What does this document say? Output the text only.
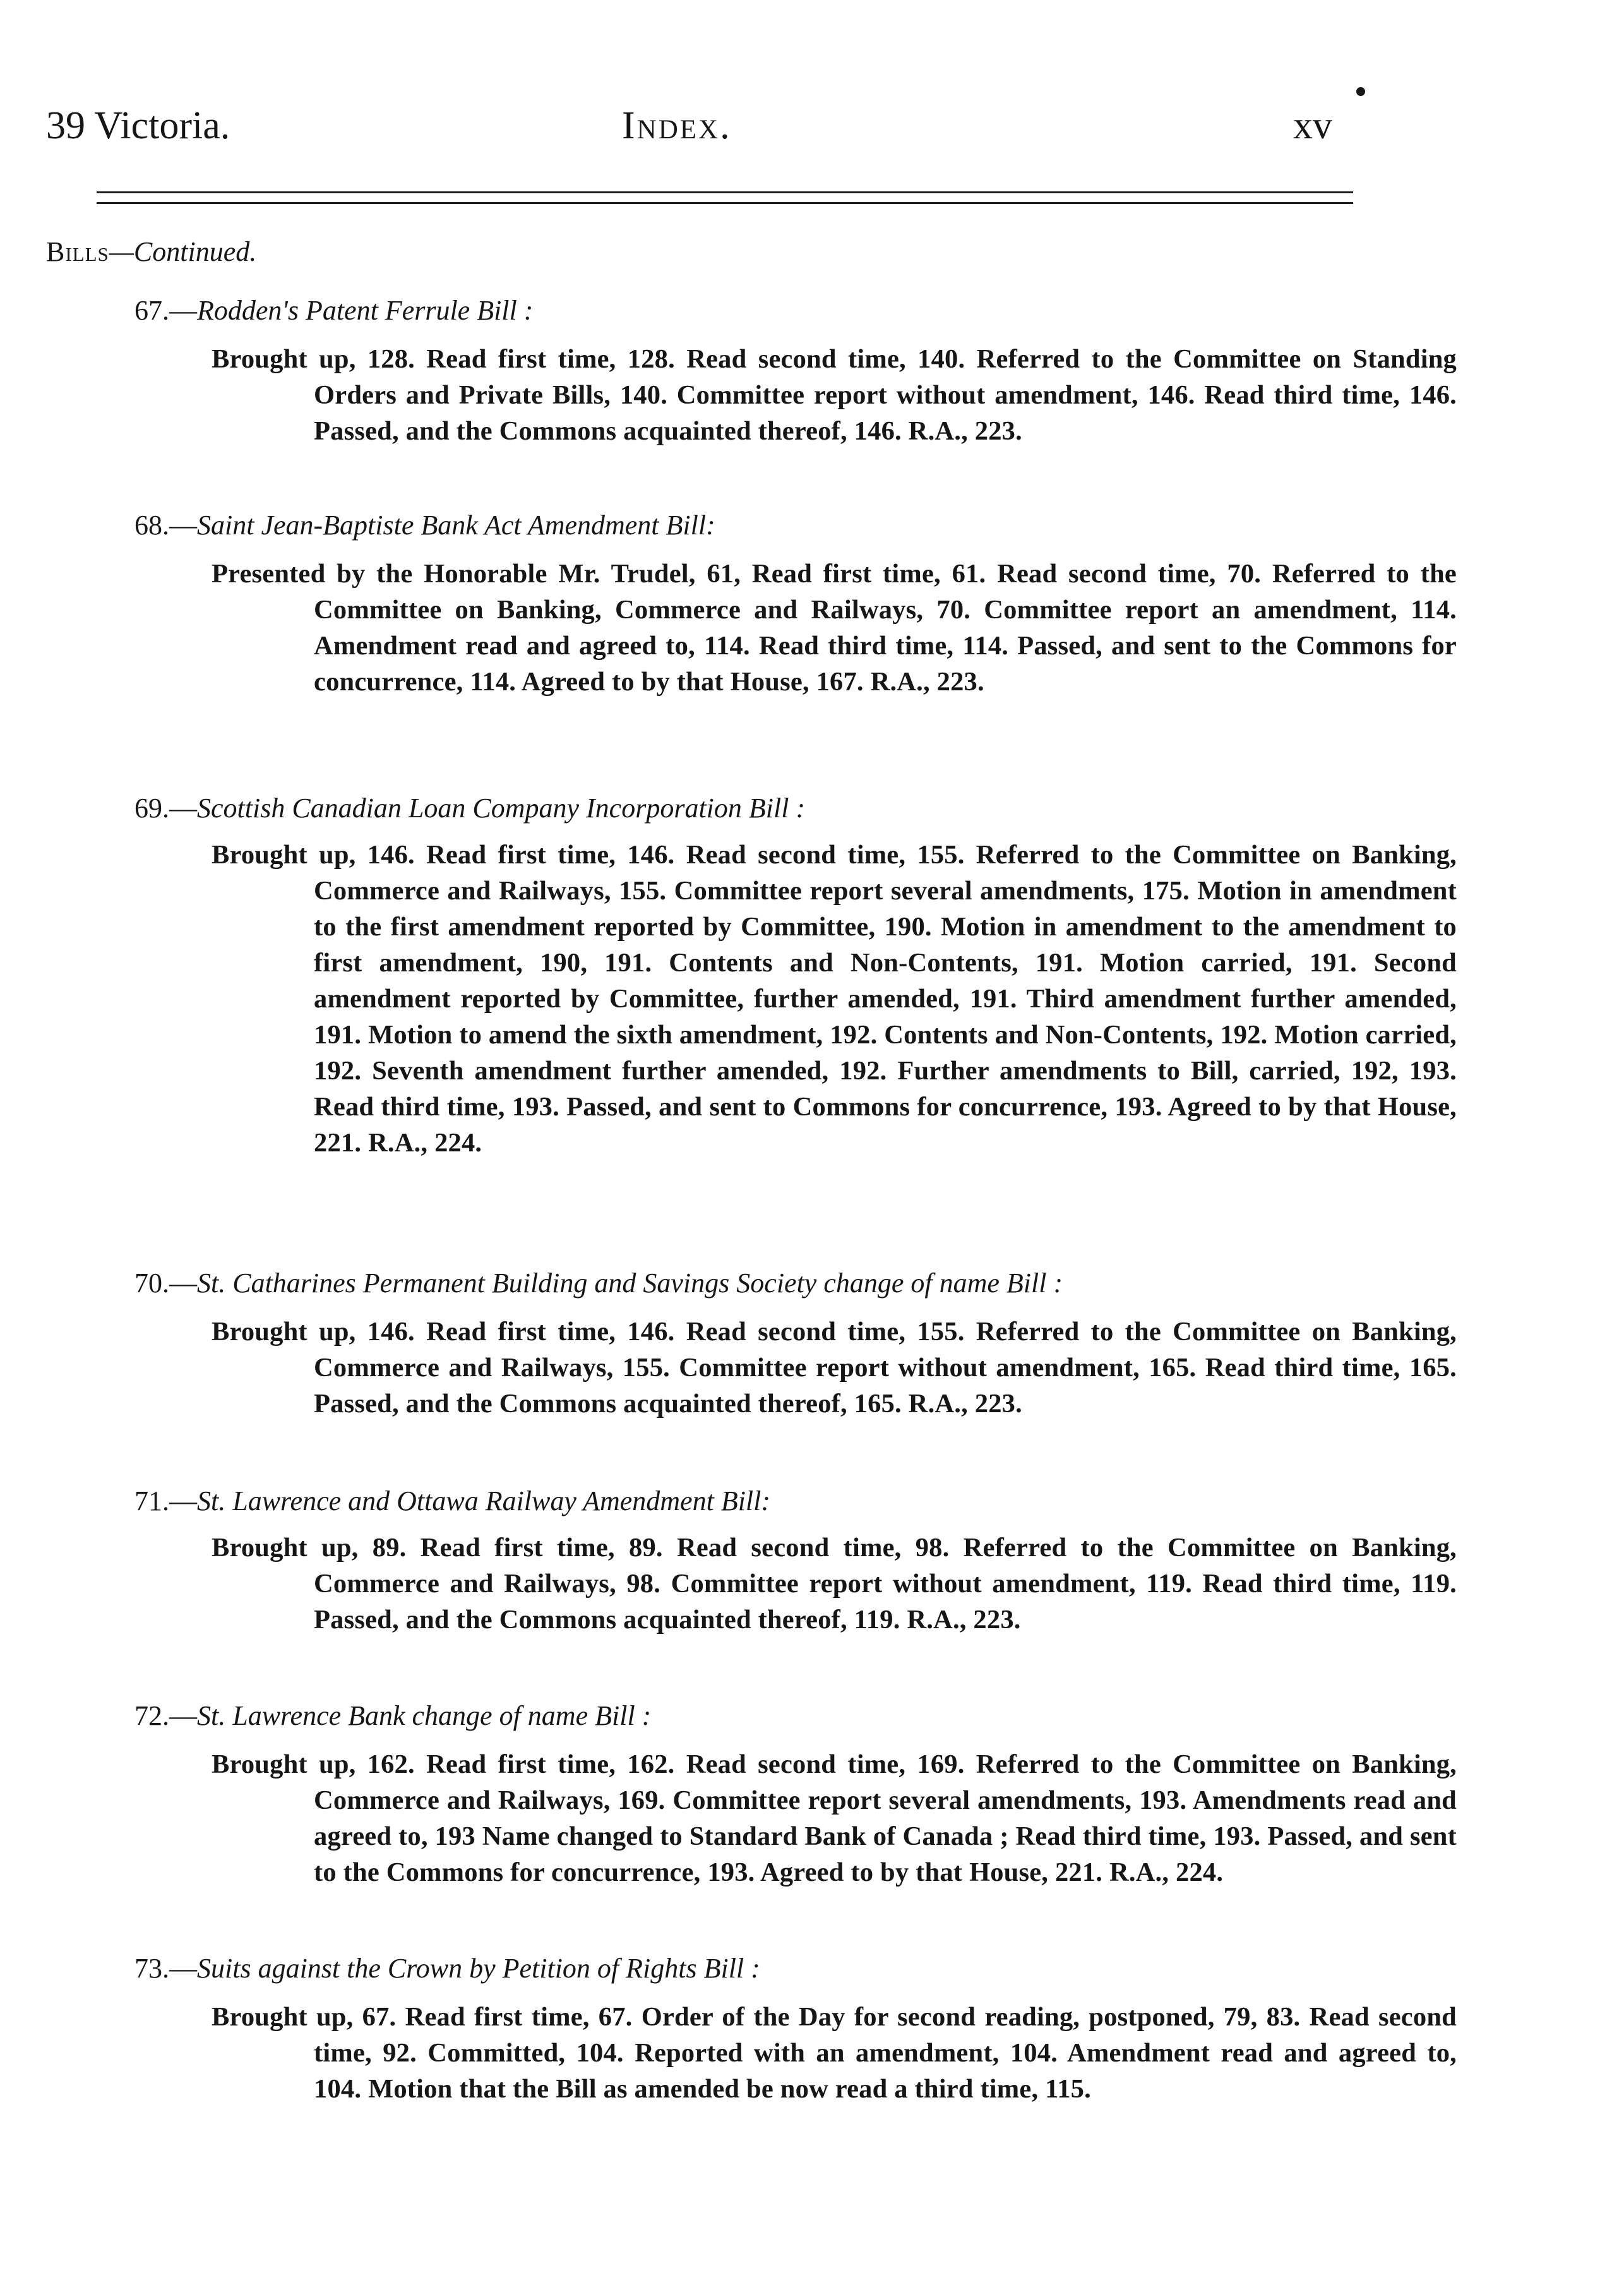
39 Victoria.	Index.	xv
Bills—Continued.
67.—Rodden's Patent Ferrule Bill :
Brought up, 128. Read first time, 128. Read second time, 140. Referred to the Committee on Standing Orders and Private Bills, 140. Committee report without amendment, 146. Read third time, 146. Passed, and the Commons acquainted thereof, 146. R.A., 223.
68.—Saint Jean-Baptiste Bank Act Amendment Bill:
Presented by the Honorable Mr. Trudel, 61, Read first time, 61. Read second time, 70. Referred to the Committee on Banking, Commerce and Railways, 70. Committee report an amendment, 114. Amendment read and agreed to, 114. Read third time, 114. Passed, and sent to the Commons for concurrence, 114. Agreed to by that House, 167. R.A., 223.
69.—Scottish Canadian Loan Company Incorporation Bill :
Brought up, 146. Read first time, 146. Read second time, 155. Referred to the Committee on Banking, Commerce and Railways, 155. Committee report several amendments, 175. Motion in amendment to the first amendment reported by Committee, 190. Motion in amendment to the amendment to first amendment, 190, 191. Contents and Non-Contents, 191. Motion carried, 191. Second amendment reported by Committee, further amended, 191. Third amendment further amended, 191. Motion to amend the sixth amendment, 192. Contents and Non-Contents, 192. Motion carried, 192. Seventh amendment further amended, 192. Further amendments to Bill, carried, 192, 193. Read third time, 193. Passed, and sent to Commons for concurrence, 193. Agreed to by that House, 221. R.A., 224.
70.—St. Catharines Permanent Building and Savings Society change of name Bill :
Brought up, 146. Read first time, 146. Read second time, 155. Referred to the Committee on Banking, Commerce and Railways, 155. Committee report without amendment, 165. Read third time, 165. Passed, and the Commons acquainted thereof, 165. R.A., 223.
71.—St. Lawrence and Ottawa Railway Amendment Bill:
Brought up, 89. Read first time, 89. Read second time, 98. Referred to the Committee on Banking, Commerce and Railways, 98. Committee report without amendment, 119. Read third time, 119. Passed, and the Commons acquainted thereof, 119. R.A., 223.
72.—St. Lawrence Bank change of name Bill :
Brought up, 162. Read first time, 162. Read second time, 169. Referred to the Committee on Banking, Commerce and Railways, 169. Committee report several amendments, 193. Amendments read and agreed to, 193 Name changed to Standard Bank of Canada ; Read third time, 193. Passed, and sent to the Commons for concurrence, 193. Agreed to by that House, 221. R.A., 224.
73.—Suits against the Crown by Petition of Rights Bill :
Brought up, 67. Read first time, 67. Order of the Day for second reading, postponed, 79, 83. Read second time, 92. Committed, 104. Reported with an amendment, 104. Amendment read and agreed to, 104. Motion that the Bill as amended be now read a third time, 115.
